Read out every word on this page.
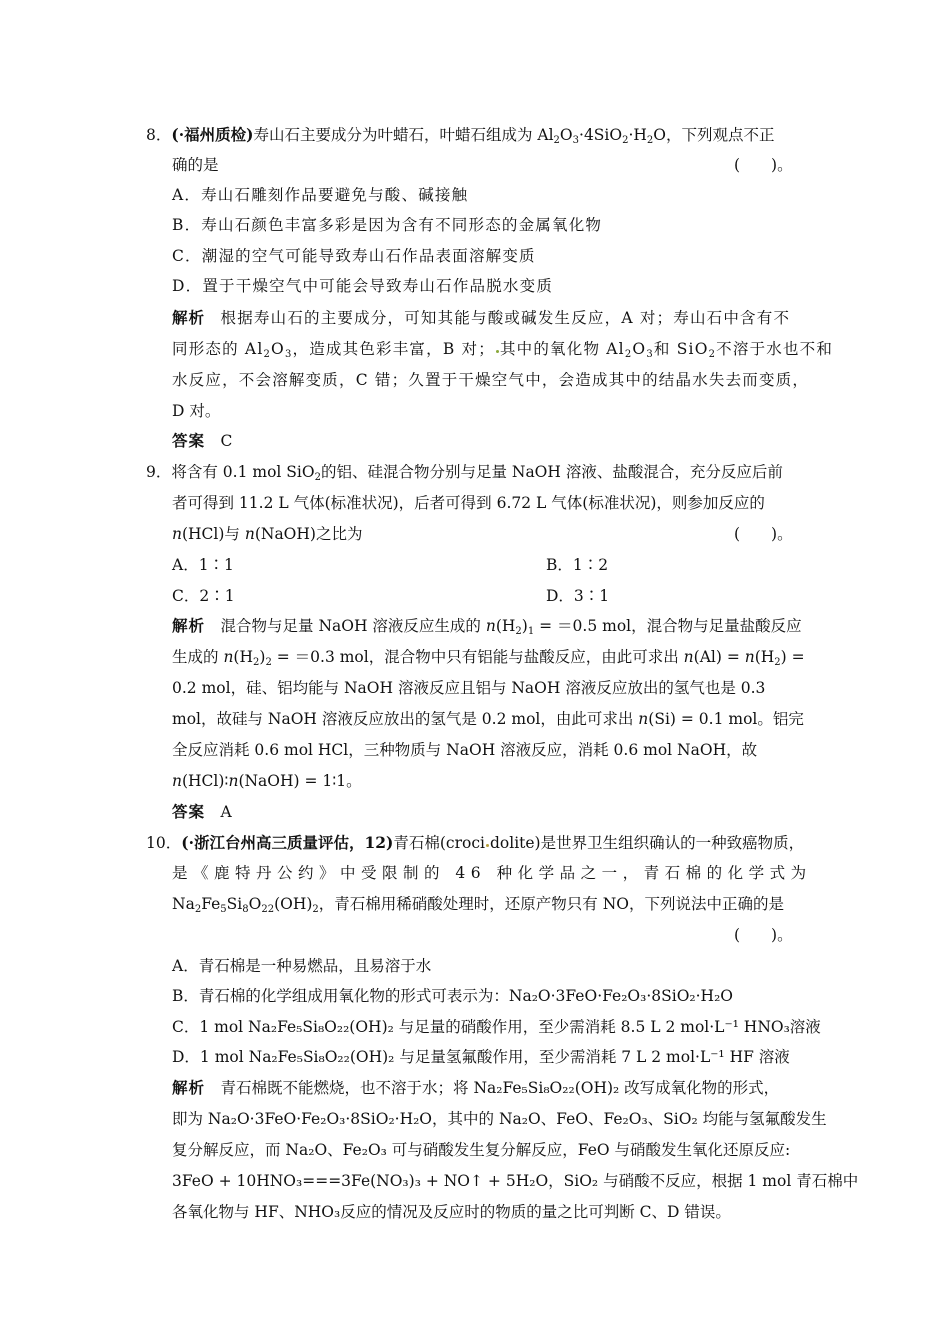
8．(·福州质检)寿山石主要成分为叶蜡石，叶蜡石组成为 $Al_2O_3\cdot 4SiO_2\cdot H_2O$，下列观点不正
确的是	(　　)。
A．寿山石雕刻作品要避免与酸、碱接触
B．寿山石颜色丰富多彩是因为含有不同形态的金属氧化物
C．潮湿的空气可能导致寿山石作品表面溶解变质
D．置于干燥空气中可能会导致寿山石作品脱水变质
解析　 根据寿山石的主要成分，可知其能与酸或碱发生反应，A 对；寿山石中含有不
同形态的 $Al_2O_3$，造成其色彩丰富，B 对； 其中的氧化物 $Al_2O_3$和 SiO$_2$不溶于水也不和
水反应，不会溶解变质，C 错；久置于干燥空气中，会造成其中的结晶水失去而变质，
D 对。
答案　 C
9．将含有 0.1 mol SiO$_2$的铝、硅混合物分别与足量 NaOH 溶液、盐酸混合，充分反应后前
者可得到 11.2 L 气体(标准状况)，后者可得到 6.72 L 气体(标准状况)，则参加反应的
n(HCl)与 n(NaOH)之比为	(　　)。
A．1∶1	B．1∶2
C．2∶1	D．3∶1
解析　 混合物与足量 NaOH 溶液反应生成的 $n(H_2)_1 = =0.5$ mol，混合物与足量盐酸反应
生成的 $n(H_2)_2 = =0.3$ mol，混合物中只有铝能与盐酸反应，由此可求出 $n(Al) = n(H_2)$ =
0.2 mol，硅、铝均能与 NaOH 溶液反应且铝与 NaOH 溶液反应放出的氢气也是 0.3
mol，故硅与 NaOH 溶液反应放出的氢气是 0.2 mol，由此可求出 n(Si) = 0.1 mol。铝完
全反应消耗 0.6 mol HCl，三种物质与 NaOH 溶液反应，消耗 0.6 mol NaOH，故
n(HCl)∶n(NaOH) = 1∶1。
答案　 A
10．(·浙江台州高三质量评估，12)青石棉(croci dolite)是世界卫生组织确认的一种致癌物质，
是《鹿特丹公约》中受限制的 46 种化学品之一，青石棉的化学式为
$Na_2Fe_5Si_8O_{22}(OH)_2$，青石棉用稀硝酸处理时，还原产物只有 NO，下列说法中正确的是
(　　)。
A．青石棉是一种易燃品，且易溶于水
B．青石棉的化学组成用氧化物的形式可表示为：Na₂O·3FeO·Fe₂O₃·8SiO₂·H₂O
C．1 mol Na₂Fe₅Si₈O₂₂(OH)₂ 与足量的硝酸作用，至少需消耗 8.5 L 2 mol·L⁻¹ HNO₃溶液
D．1 mol Na₂Fe₅Si₈O₂₂(OH)₂ 与足量氢氟酸作用，至少需消耗 7 L 2 mol·L⁻¹ HF 溶液
解析　 青石棉既不能燃烧，也不溶于水；将 Na₂Fe₅Si₈O₂₂(OH)₂ 改写成氧化物的形式，
即为 Na₂O·3FeO·Fe₂O₃·8SiO₂·H₂O，其中的 Na₂O、FeO、Fe₂O₃、SiO₂ 均能与氢氟酸发生
复分解反应，而 Na₂O、Fe₂O₃ 可与硝酸发生复分解反应，FeO 与硝酸发生氧化还原反应:
3FeO + 10HNO₃===3Fe(NO₃)₃ + NO↑ + 5H₂O，SiO₂ 与硝酸不反应，根据 1 mol 青石棉中
各氧化物与 HF、NHO₃反应的情况及反应时的物质的量之比可判断 C、D 错误。
